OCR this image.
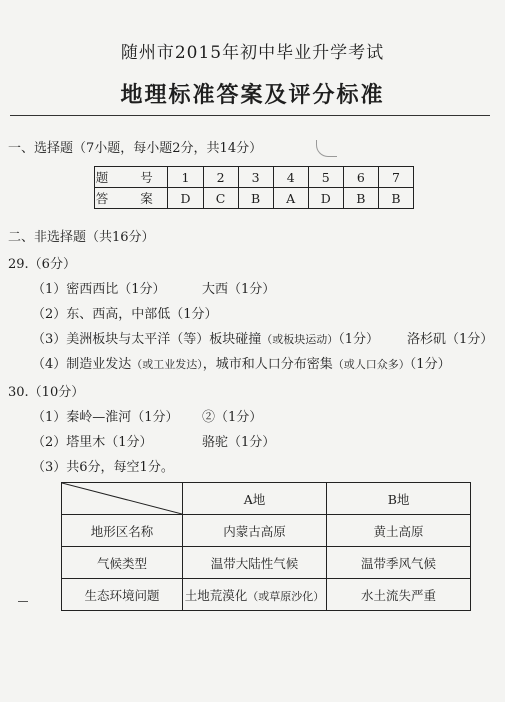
随州市2015年初中毕业升学考试
地理标准答案及评分标准
一、选择题（7小题，每小题2分，共14分）
题 号	1	2	3	4	5	6	7
答 案	D	C	B	A	D	B	B
二、非选择题（共16分）
29.（6分）
（1）密西西比（1分）	大西（1分）
（2）东、西高，中部低（1分）
（3）美洲板块与太平洋（等）板块碰撞（或板块运动）（1分） 洛杉矶（1分）
（4）制造业发达（或工业发达），城市和人口分布密集（或人口众多）（1分）
30.（10分）
（1）秦岭—淮河（1分） ②（1分）
（2）塔里木（1分）	骆驼（1分）
（3）共6分，每空1分。
	A地	B地
地形区名称	内蒙古高原	黄土高原
气候类型	温带大陆性气候	温带季风气候
生态环境问题	土地荒漠化（或草原沙化）	水土流失严重
